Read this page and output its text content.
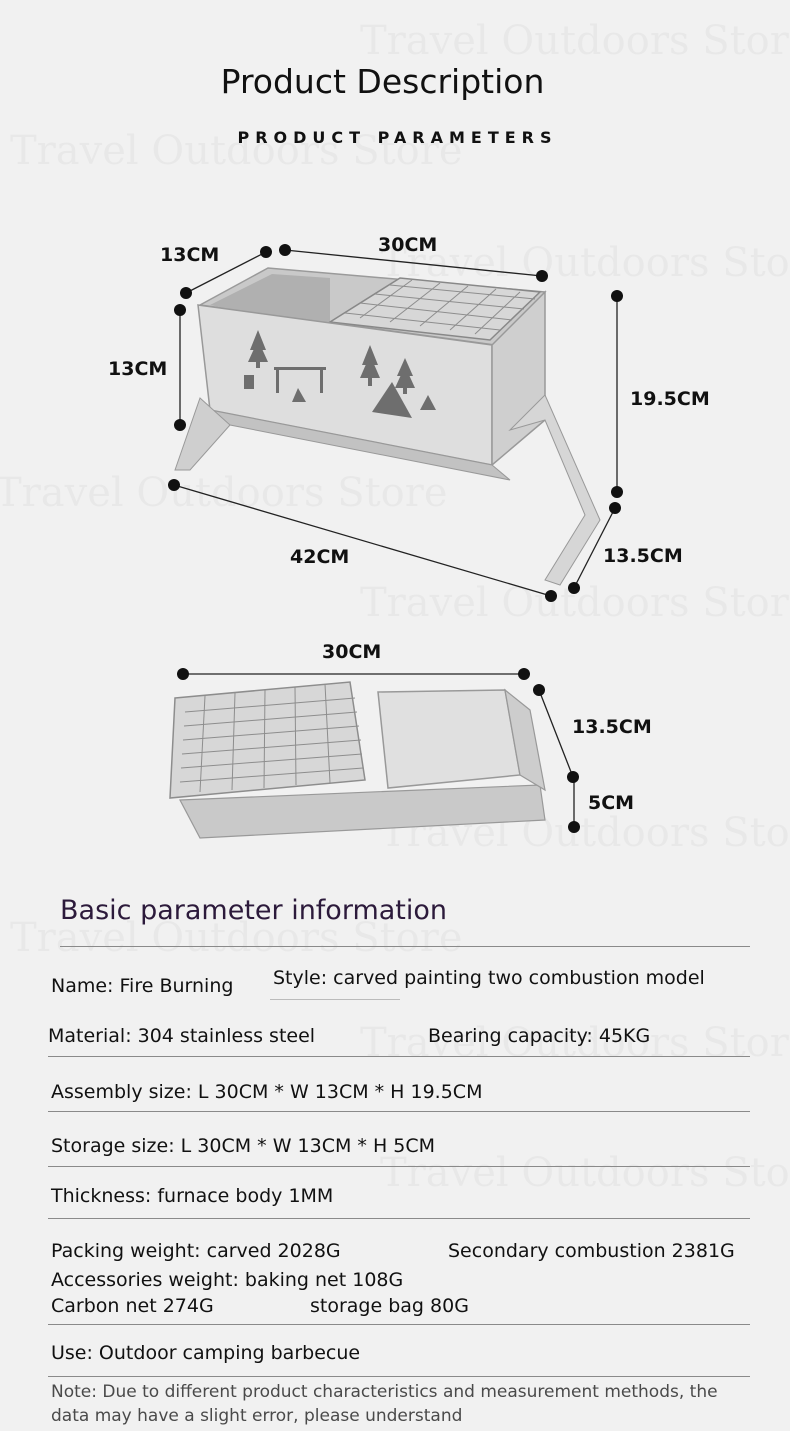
Product Description
PRODUCT PARAMETERS
13CM	30CM
13CM
19.5CM
42CM	13.5CM
30CM
13.5CM
5CM
Basic parameter information
Name: Fire Burning Style: carved painting two combustion model
Material: 304 stainless steel	Bearing capacity: 45KG
Assembly size: L 30CM * W 13CM * H 19.5CM
Storage size: L 30CM * W 13CM * H 5CM
Thickness: furnace body 1MM
Packing weight: carved 2028G	Secondary combustion 2381G
Accessories weight: baking net 108G
Carbon net 274G	storage bag 80G
Use: Outdoor camping barbecue
Note: Due to different product characteristics and measurement methods, the data may have a slight error, please understand
